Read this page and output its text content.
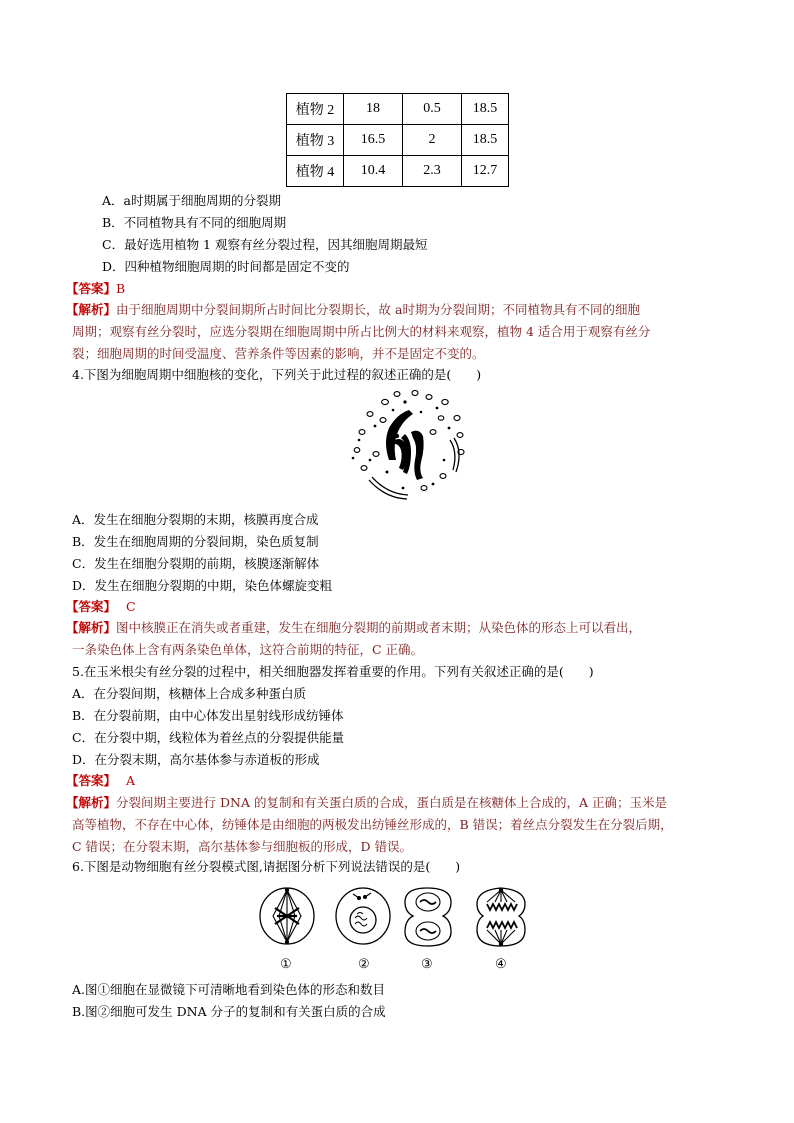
植物 2	18	0.5	18.5
植物 3	16.5	2	18.5
植物 4	10.4	2.3	12.7
A．a时期属于细胞周期的分裂期
B．不同植物具有不同的细胞周期
C．最好选用植物 1 观察有丝分裂过程，因其细胞周期最短
D．四种植物细胞周期的时间都是固定不变的
【答案】B
【解析】由于细胞周期中分裂间期所占时间比分裂期长，故 a时期为分裂间期；不同植物具有不同的细胞
周期；观察有丝分裂时，应选分裂期在细胞周期中所占比例大的材料来观察，植物 4 适合用于观察有丝分
裂；细胞周期的时间受温度、营养条件等因素的影响，并不是固定不变的。
4.下图为细胞周期中细胞核的变化，下列关于此过程的叙述正确的是(　　)
A．发生在细胞分裂期的末期，核膜再度合成
B．发生在细胞周期的分裂间期，染色质复制
C．发生在细胞分裂期的前期，核膜逐渐解体
D．发生在细胞分裂期的中期，染色体螺旋变粗
【答案】 C
【解析】图中核膜正在消失或者重建，发生在细胞分裂期的前期或者末期；从染色体的形态上可以看出，
一条染色体上含有两条染色单体，这符合前期的特征，C 正确。
5.在玉米根尖有丝分裂的过程中，相关细胞器发挥着重要的作用。下列有关叙述正确的是(　　)
A．在分裂间期，核糖体上合成多种蛋白质
B．在分裂前期，由中心体发出星射线形成纺锤体
C．在分裂中期，线粒体为着丝点的分裂提供能量
D．在分裂末期，高尔基体参与赤道板的形成
【答案】 A
【解析】分裂间期主要进行 DNA 的复制和有关蛋白质的合成，蛋白质是在核糖体上合成的，A 正确；玉米是
高等植物，不存在中心体，纺锤体是由细胞的两极发出纺锤丝形成的，B 错误；着丝点分裂发生在分裂后期，
C 错误；在分裂末期，高尔基体参与细胞板的形成，D 错误。
6.下图是动物细胞有丝分裂模式图,请据图分析下列说法错误的是(　　)
①	②	③	④
A.图①细胞在显微镜下可清晰地看到染色体的形态和数目
B.图②细胞可发生 DNA 分子的复制和有关蛋白质的合成
